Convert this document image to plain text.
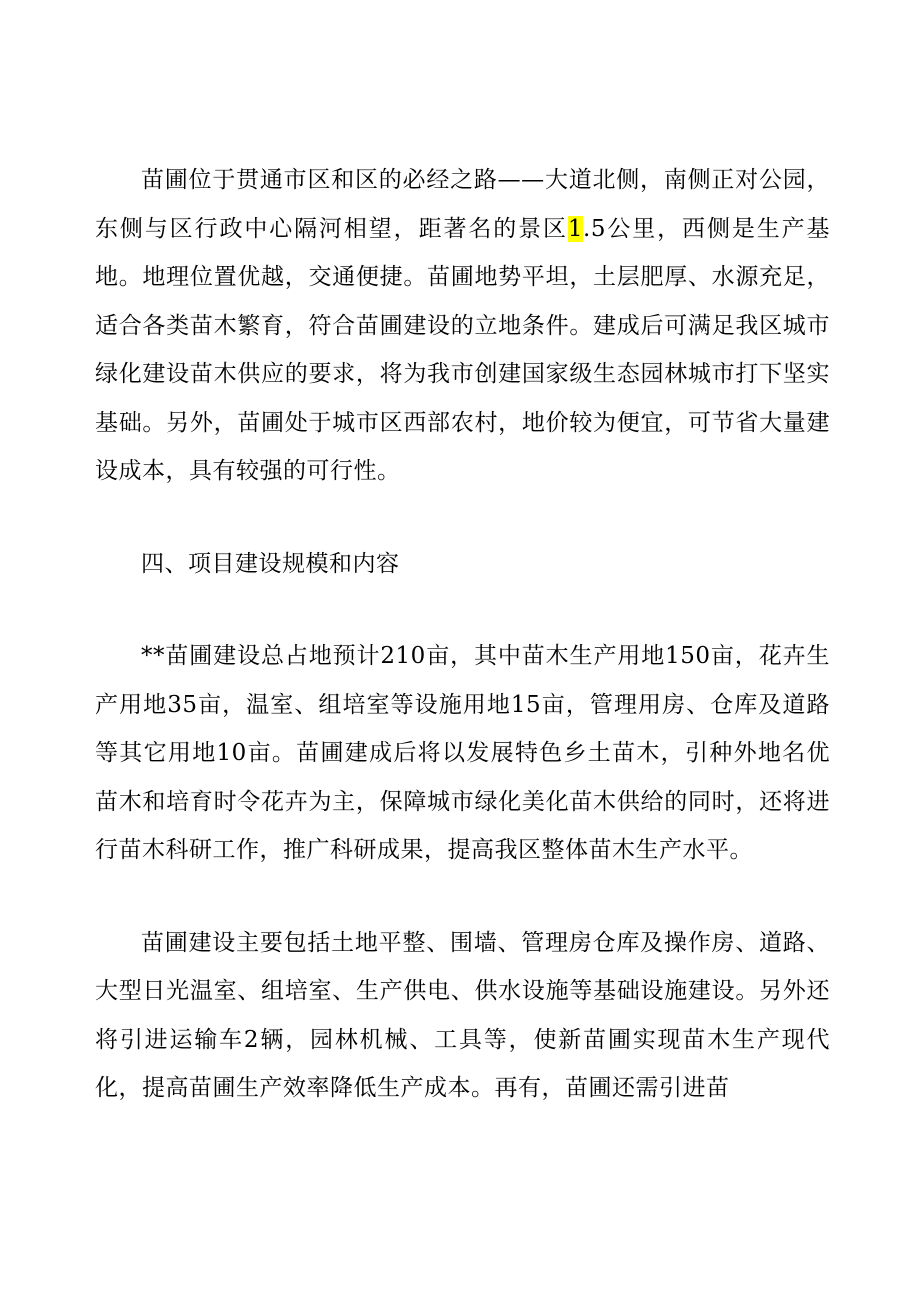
苗圃位于贯通市区和区的必经之路——大道北侧，南侧正对公园，东侧与区行政中心隔河相望，距著名的景区1.5公里，西侧是生产基地。地理位置优越，交通便捷。苗圃地势平坦，土层肥厚、水源充足，适合各类苗木繁育，符合苗圃建设的立地条件。建成后可满足我区城市绿化建设苗木供应的要求，将为我市创建国家级生态园林城市打下坚实基础。另外，苗圃处于城市区西部农村，地价较为便宜，可节省大量建设成本，具有较强的可行性。

四、项目建设规模和内容

**苗圃建设总占地预计210亩，其中苗木生产用地150亩，花卉生产用地35亩，温室、组培室等设施用地15亩，管理用房、仓库及道路等其它用地10亩。苗圃建成后将以发展特色乡土苗木，引种外地名优苗木和培育时令花卉为主，保障城市绿化美化苗木供给的同时，还将进行苗木科研工作，推广科研成果，提高我区整体苗木生产水平。

苗圃建设主要包括土地平整、围墙、管理房仓库及操作房、道路、大型日光温室、组培室、生产供电、供水设施等基础设施建设。另外还将引进运输车2辆，园林机械、工具等，使新苗圃实现苗木生产现代化，提高苗圃生产效率降低生产成本。再有，苗圃还需引进苗
